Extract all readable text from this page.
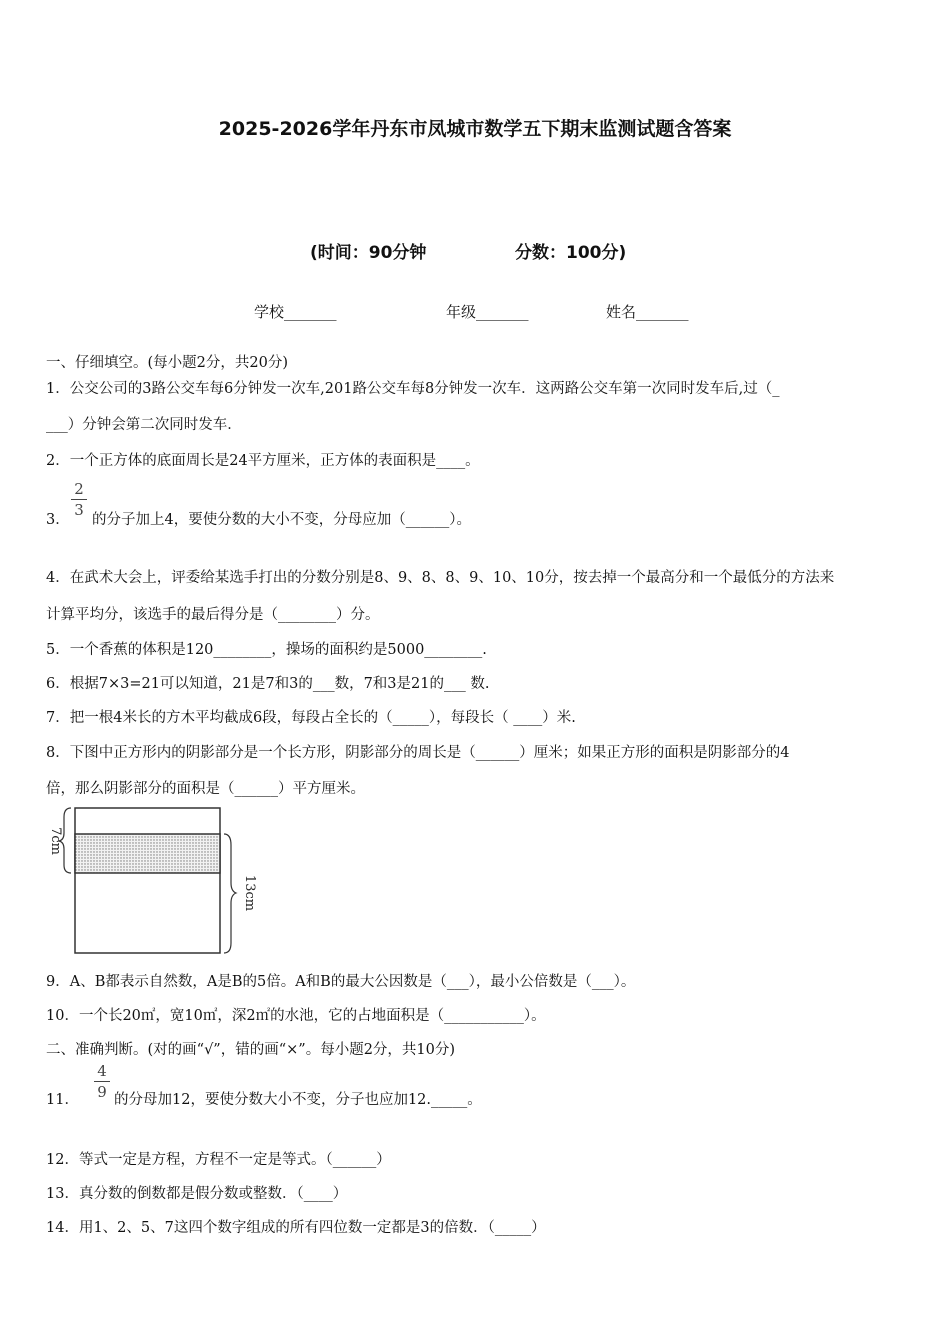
2025-2026学年丹东市凤城市数学五下期末监测试题含答案
(时间：90分钟	分数：100分)
学校_______	年级_______	姓名_______
一、仔细填空。(每小题2分，共20分)
1．公交公司的3路公交车每6分钟发一次车,201路公交车每8分钟发一次车．这两路公交车第一次同时发车后,过（_
___）分钟会第二次同时发车．
2．一个正方体的底面周长是24平方厘米，正方体的表面积是____。
3．
2
3
的分子加上4，要使分数的大小不变，分母应加（______）。
4．在武术大会上，评委给某选手打出的分数分别是8、9、8、8、9、10、10分，按去掉一个最高分和一个最低分的方法来
计算平均分，该选手的最后得分是（________）分。
5．一个香蕉的体积是120________，操场的面积约是5000________.
6．根据7×3=21可以知道，21是7和3的___数，7和3是21的___ 数.
7．把一根4米长的方木平均截成6段，每段占全长的（_____），每段长（ ____）米.
8．下图中正方形内的阴影部分是一个长方形，阴影部分的周长是（______）厘米；如果正方形的面积是阴影部分的4
倍，那么阴影部分的面积是（______）平方厘米。
7cm
13cm
9．A、B都表示自然数，A是B的5倍。A和B的最大公因数是（___），最小公倍数是（___）。
10．一个长20㎡，宽10㎡，深2㎡的水池，它的占地面积是（___________）。
二、准确判断。(对的画“√”，错的画“×”。每小题2分，共10分)
11．
4
9 的分母加12，要使分数大小不变，分子也应加12._____。
12．等式一定是方程，方程不一定是等式。（______）
13．真分数的倒数都是假分数或整数．（____）
14．用1、2、5、7这四个数字组成的所有四位数一定都是3的倍数．（_____）
